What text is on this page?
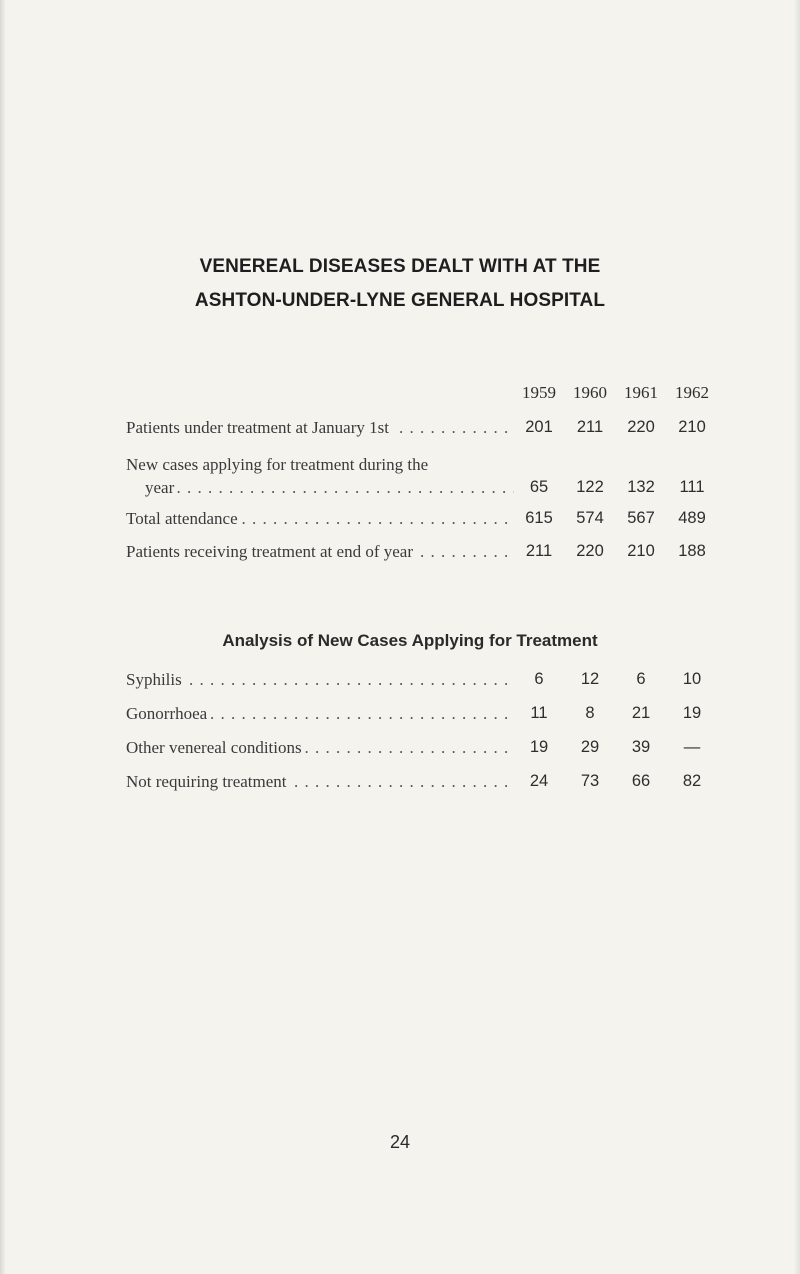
VENEREAL DISEASES DEALT WITH AT THE
ASHTON-UNDER-LYNE GENERAL HOSPITAL
1959 1960 1961 1962
Patients under treatment at January 1st . . .	201	211	220	210
New cases applying for treatment during the
year . . .	65	122	132	111
Total attendance . . .	615	574	567	489
Patients receiving treatment at end of year . . .	211	220	210	188
Analysis of New Cases Applying for Treatment
Syphilis . . .	6	12	6	10
Gonorrhoea . . .	11	8	21	19
Other venereal conditions . . .	19	29	39	—
Not requiring treatment . . .	24	73	66	82
24
